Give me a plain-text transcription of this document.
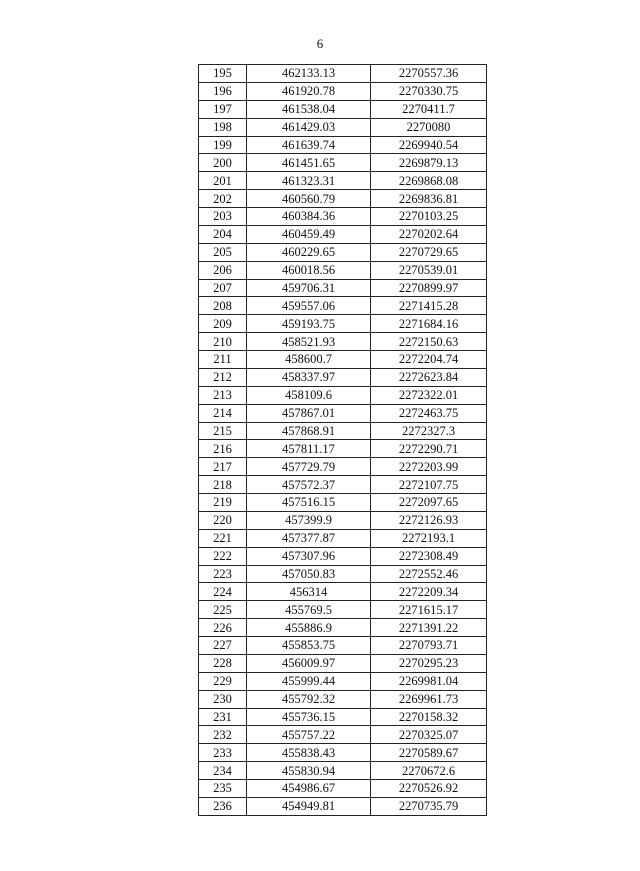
6
195	462133.13	2270557.36
196	461920.78	2270330.75
197	461538.04	2270411.7
198	461429.03	2270080
199	461639.74	2269940.54
200	461451.65	2269879.13
201	461323.31	2269868.08
202	460560.79	2269836.81
203	460384.36	2270103.25
204	460459.49	2270202.64
205	460229.65	2270729.65
206	460018.56	2270539.01
207	459706.31	2270899.97
208	459557.06	2271415.28
209	459193.75	2271684.16
210	458521.93	2272150.63
211	458600.7	2272204.74
212	458337.97	2272623.84
213	458109.6	2272322.01
214	457867.01	2272463.75
215	457868.91	2272327.3
216	457811.17	2272290.71
217	457729.79	2272203.99
218	457572.37	2272107.75
219	457516.15	2272097.65
220	457399.9	2272126.93
221	457377.87	2272193.1
222	457307.96	2272308.49
223	457050.83	2272552.46
224	456314	2272209.34
225	455769.5	2271615.17
226	455886.9	2271391.22
227	455853.75	2270793.71
228	456009.97	2270295.23
229	455999.44	2269981.04
230	455792.32	2269961.73
231	455736.15	2270158.32
232	455757.22	2270325.07
233	455838.43	2270589.67
234	455830.94	2270672.6
235	454986.67	2270526.92
236	454949.81	2270735.79
